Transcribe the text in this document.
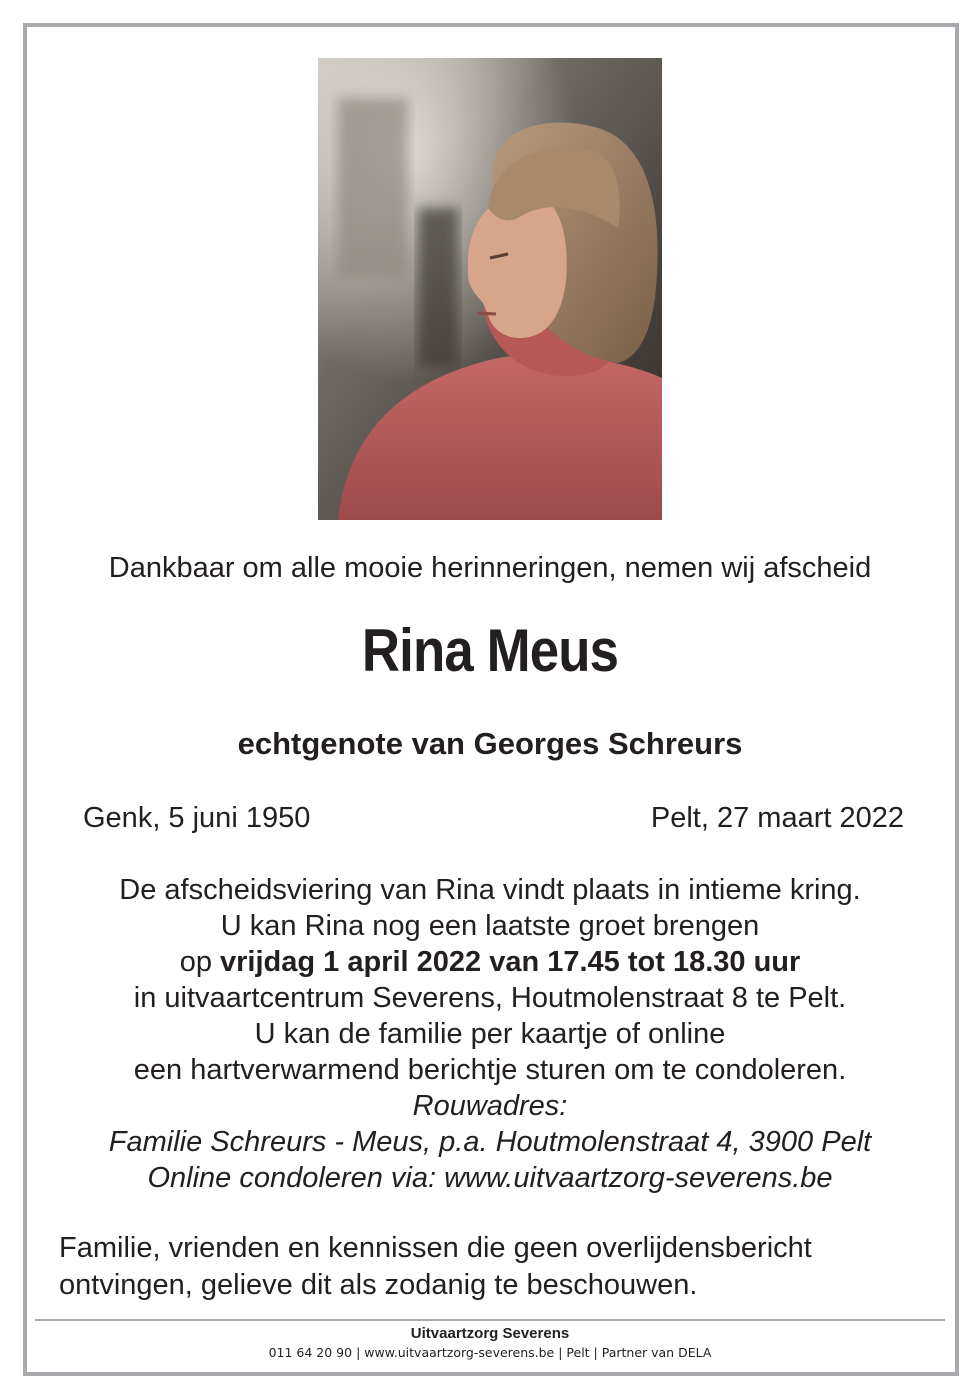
Dankbaar om alle mooie herinneringen, nemen wij afscheid
Rina Meus
echtgenote van Georges Schreurs
Genk, 5 juni 1950	Pelt, 27 maart 2022
De afscheidsviering van Rina vindt plaats in intieme kring.
U kan Rina nog een laatste groet brengen
op vrijdag 1 april 2022 van 17.45 tot 18.30 uur
in uitvaartcentrum Severens, Houtmolenstraat 8 te Pelt.
U kan de familie per kaartje of online
een hartverwarmend berichtje sturen om te condoleren.
Rouwadres:
Familie Schreurs - Meus, p.a. Houtmolenstraat 4, 3900 Pelt
Online condoleren via: www.uitvaartzorg-severens.be
Familie, vrienden en kennissen die geen overlijdensbericht
ontvingen, gelieve dit als zodanig te beschouwen.
Uitvaartzorg Severens
011 64 20 90 | www.uitvaartzorg-severens.be | Pelt | Partner van DELA
